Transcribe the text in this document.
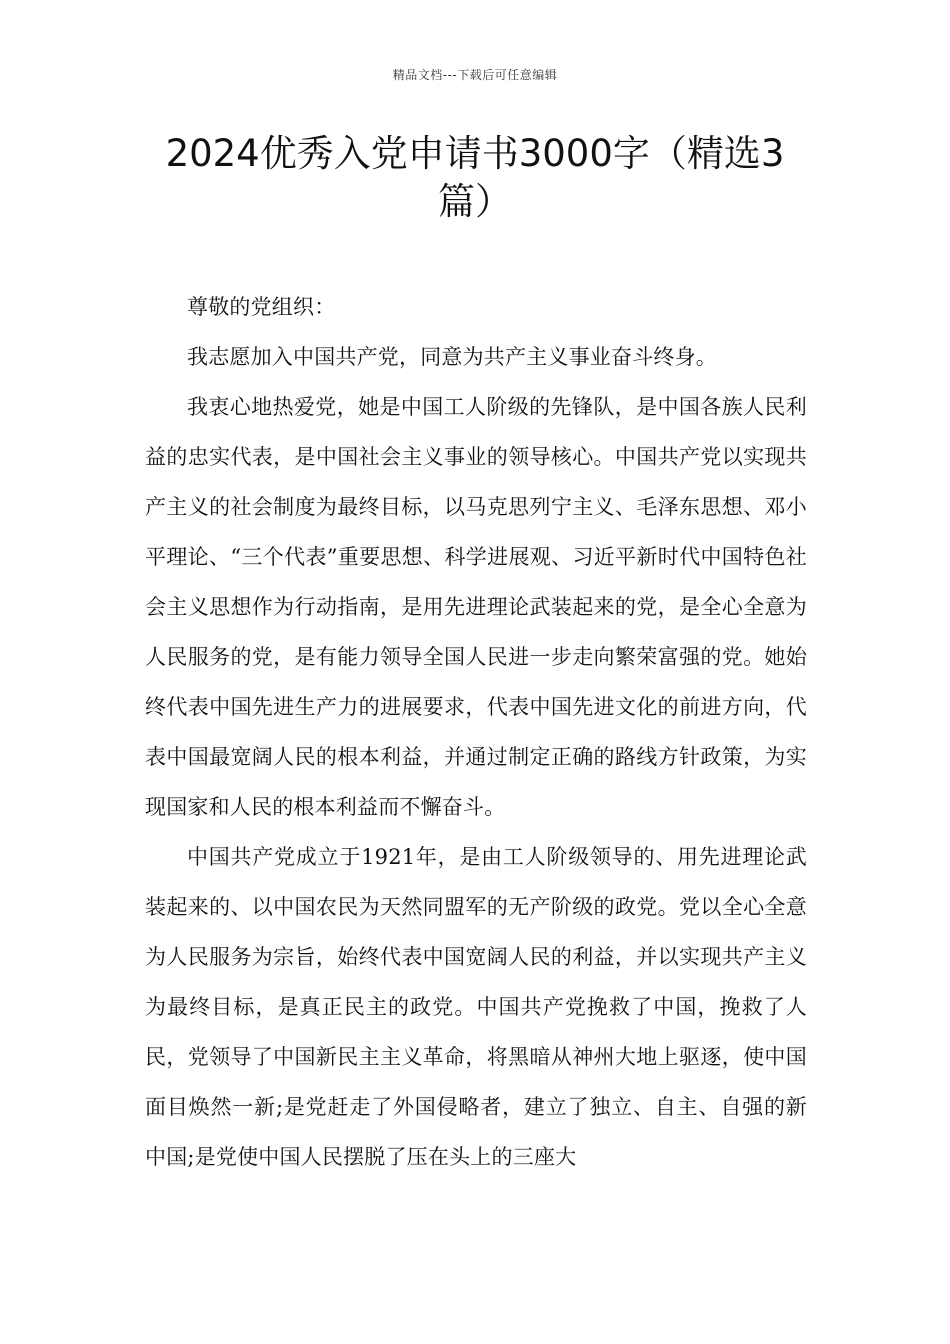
精品文档---下载后可任意编辑
2024优秀入党申请书3000字（精选3篇）

尊敬的党组织：

我志愿加入中国共产党，同意为共产主义事业奋斗终身。

我衷心地热爱党，她是中国工人阶级的先锋队，是中国各族人民利益的忠实代表，是中国社会主义事业的领导核心。中国共产党以实现共产主义的社会制度为最终目标，以马克思列宁主义、毛泽东思想、邓小平理论、“三个代表”重要思想、科学进展观、习近平新时代中国特色社会主义思想作为行动指南，是用先进理论武装起来的党，是全心全意为人民服务的党，是有能力领导全国人民进一步走向繁荣富强的党。她始终代表中国先进生产力的进展要求，代表中国先进文化的前进方向，代表中国最宽阔人民的根本利益，并通过制定正确的路线方针政策，为实现国家和人民的根本利益而不懈奋斗。

中国共产党成立于1921年，是由工人阶级领导的、用先进理论武装起来的、以中国农民为天然同盟军的无产阶级的政党。党以全心全意为人民服务为宗旨，始终代表中国宽阔人民的利益，并以实现共产主义为最终目标，是真正民主的政党。中国共产党挽救了中国，挽救了人民，党领导了中国新民主主义革命，将黑暗从神州大地上驱逐，使中国面目焕然一新;是党赶走了外国侵略者，建立了独立、自主、自强的新中国;是党使中国人民摆脱了压在头上的三座大
